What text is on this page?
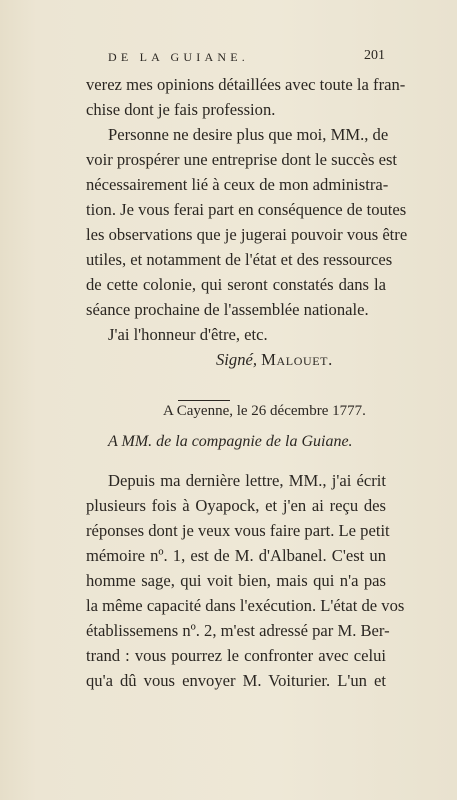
DE LA GUIANE.	201
verez mes opinions détaillées avec toute la fran-
chise dont je fais profession.
Personne ne desire plus que moi, MM., de
voir prospérer une entreprise dont le succès est
nécessairement lié à ceux de mon administra-
tion. Je vous ferai part en conséquence de toutes
les observations que je jugerai pouvoir vous être
utiles, et notamment de l'état et des ressources
de cette colonie, qui seront constatés dans la
séance prochaine de l'assemblée nationale.
J'ai l'honneur d'être, etc.
Signé, Malouet.
A Cayenne, le 26 décembre 1777.
A MM. de la compagnie de la Guiane.
Depuis ma dernière lettre, MM., j'ai écrit
plusieurs fois à Oyapock, et j'en ai reçu des
réponses dont je veux vous faire part. Le petit
mémoire nº. 1, est de M. d'Albanel. C'est un
homme sage, qui voit bien, mais qui n'a pas
la même capacité dans l'exécution. L'état de vos
établissemens nº. 2, m'est adressé par M. Ber-
trand : vous pourrez le confronter avec celui
qu'a dû vous envoyer M. Voiturier. L'un et
